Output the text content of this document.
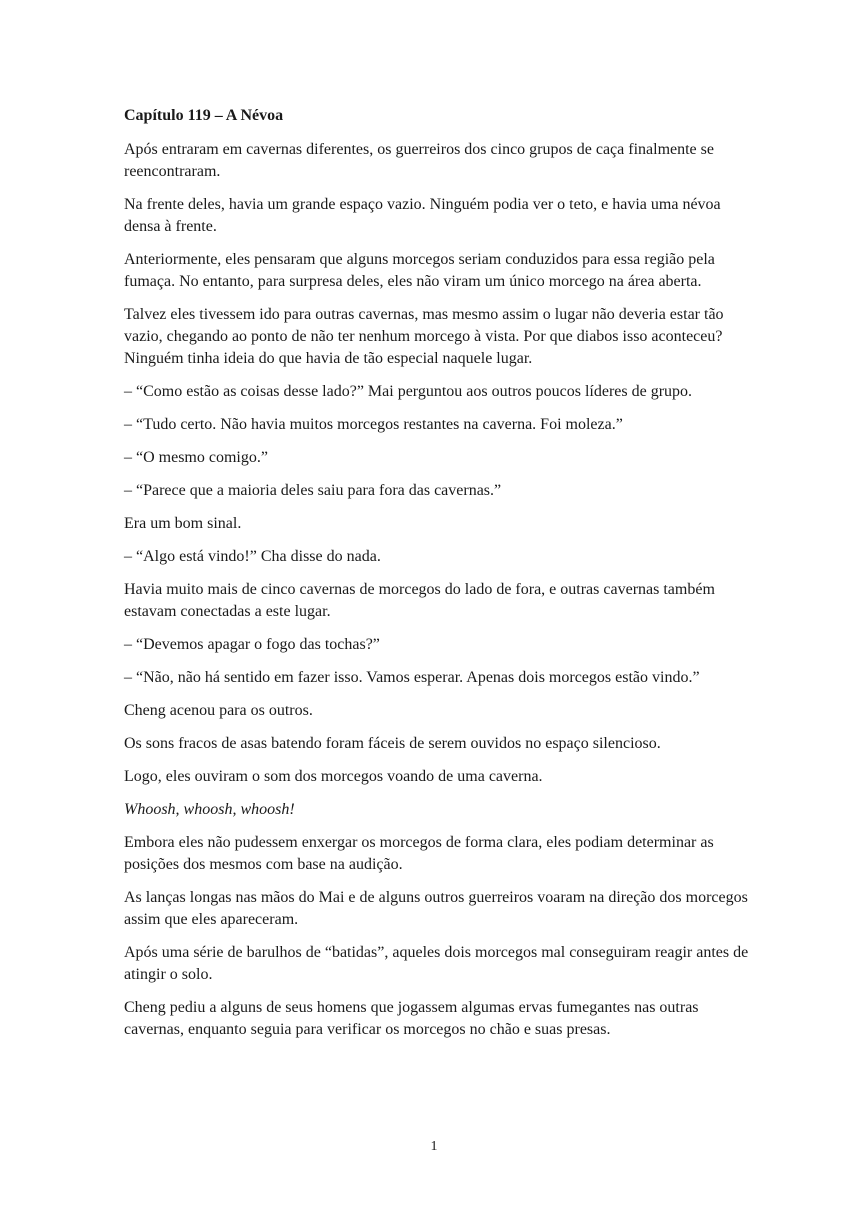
Capítulo 119 – A Névoa

Após entraram em cavernas diferentes, os guerreiros dos cinco grupos de caça finalmente se reencontraram.

Na frente deles, havia um grande espaço vazio. Ninguém podia ver o teto, e havia uma névoa densa à frente.

Anteriormente, eles pensaram que alguns morcegos seriam conduzidos para essa região pela fumaça. No entanto, para surpresa deles, eles não viram um único morcego na área aberta.

Talvez eles tivessem ido para outras cavernas, mas mesmo assim o lugar não deveria estar tão vazio, chegando ao ponto de não ter nenhum morcego à vista. Por que diabos isso aconteceu? Ninguém tinha ideia do que havia de tão especial naquele lugar.

– “Como estão as coisas desse lado?” Mai perguntou aos outros poucos líderes de grupo.

– “Tudo certo. Não havia muitos morcegos restantes na caverna. Foi moleza.”

– “O mesmo comigo.”

– “Parece que a maioria deles saiu para fora das cavernas.”

Era um bom sinal.

– “Algo está vindo!” Cha disse do nada.

Havia muito mais de cinco cavernas de morcegos do lado de fora, e outras cavernas também estavam conectadas a este lugar.

– “Devemos apagar o fogo das tochas?”

– “Não, não há sentido em fazer isso. Vamos esperar. Apenas dois morcegos estão vindo.”

Cheng acenou para os outros.

Os sons fracos de asas batendo foram fáceis de serem ouvidos no espaço silencioso.

Logo, eles ouviram o som dos morcegos voando de uma caverna.

Whoosh, whoosh, whoosh!

Embora eles não pudessem enxergar os morcegos de forma clara, eles podiam determinar as posições dos mesmos com base na audição.

As lanças longas nas mãos do Mai e de alguns outros guerreiros voaram na direção dos morcegos assim que eles apareceram.

Após uma série de barulhos de “batidas”, aqueles dois morcegos mal conseguiram reagir antes de atingir o solo.

Cheng pediu a alguns de seus homens que jogassem algumas ervas fumegantes nas outras cavernas, enquanto seguia para verificar os morcegos no chão e suas presas.

1
